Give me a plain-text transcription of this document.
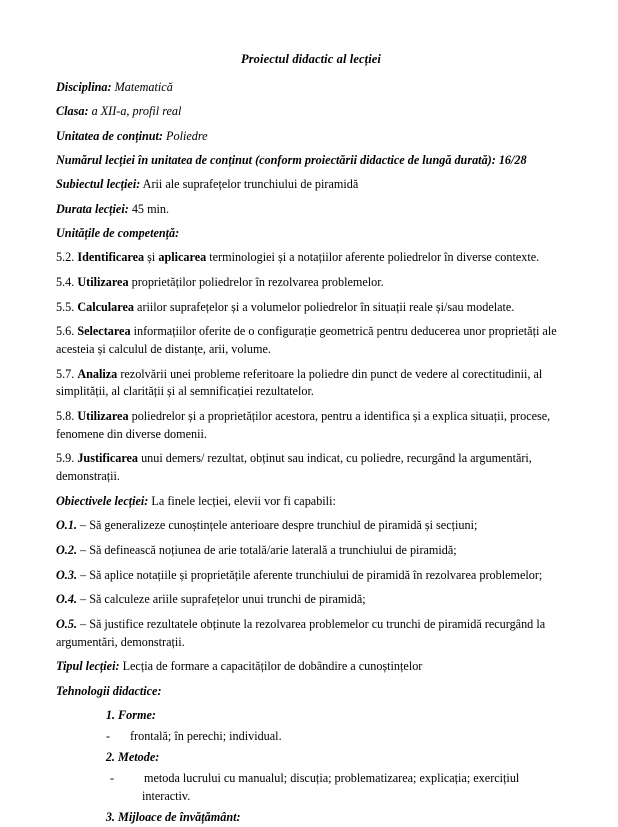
Proiectul didactic al lecției

Disciplina: Matematică

Clasa: a XII-a, profil real

Unitatea de conținut: Poliedre

Numărul lecției în unitatea de conținut (conform proiectării didactice de lungă durată): 16/28

Subiectul lecției: Arii ale suprafețelor trunchiului de piramidă

Durata lecției: 45 min.

Unitățile de competență:

5.2. Identificarea și aplicarea terminologiei și a notațiilor aferente poliedrelor în diverse contexte.

5.4. Utilizarea proprietăților poliedrelor în rezolvarea problemelor.

5.5. Calcularea ariilor suprafețelor și a volumelor poliedrelor în situații reale și/sau modelate.

5.6. Selectarea informațiilor oferite de o configurație geometrică pentru deducerea unor proprietăți ale acesteia și calculul de distanțe, arii, volume.

5.7. Analiza rezolvării unei probleme referitoare la poliedre din punct de vedere al corectitudinii, al simplității, al clarității și al semnificației rezultatelor.

5.8. Utilizarea poliedrelor și a proprietăților acestora, pentru a identifica și a explica situații, procese, fenomene din diverse domenii.

5.9. Justificarea unui demers/ rezultat, obținut sau indicat, cu poliedre, recurgând la argumentări, demonstrații.

Obiectivele lecției: La finele lecției, elevii vor fi capabili:

O.1. – Să generalizeze cunoștințele anterioare despre trunchiul de piramidă și secțiuni;

O.2. – Să definească noțiunea de arie totală/arie laterală a trunchiului de piramidă;

O.3. – Să aplice notațiile și proprietățile aferente trunchiului de piramidă în rezolvarea problemelor;

O.4. – Să calculeze ariile suprafețelor unui trunchi de piramidă;

O.5. – Să justifice rezultatele obținute la rezolvarea problemelor cu trunchi de piramidă recurgând la argumentări, demonstrații.

Tipul lecției: Lecția de formare a capacităților de dobândire a cunoștințelor

Tehnologii didactice:

1. Forme:
- frontală; în perechi; individual.
2. Metode:
- metoda lucrului cu manualul; discuția; problematizarea; explicația; exercițiul interactiv.
3. Mijloace de învățământ:
